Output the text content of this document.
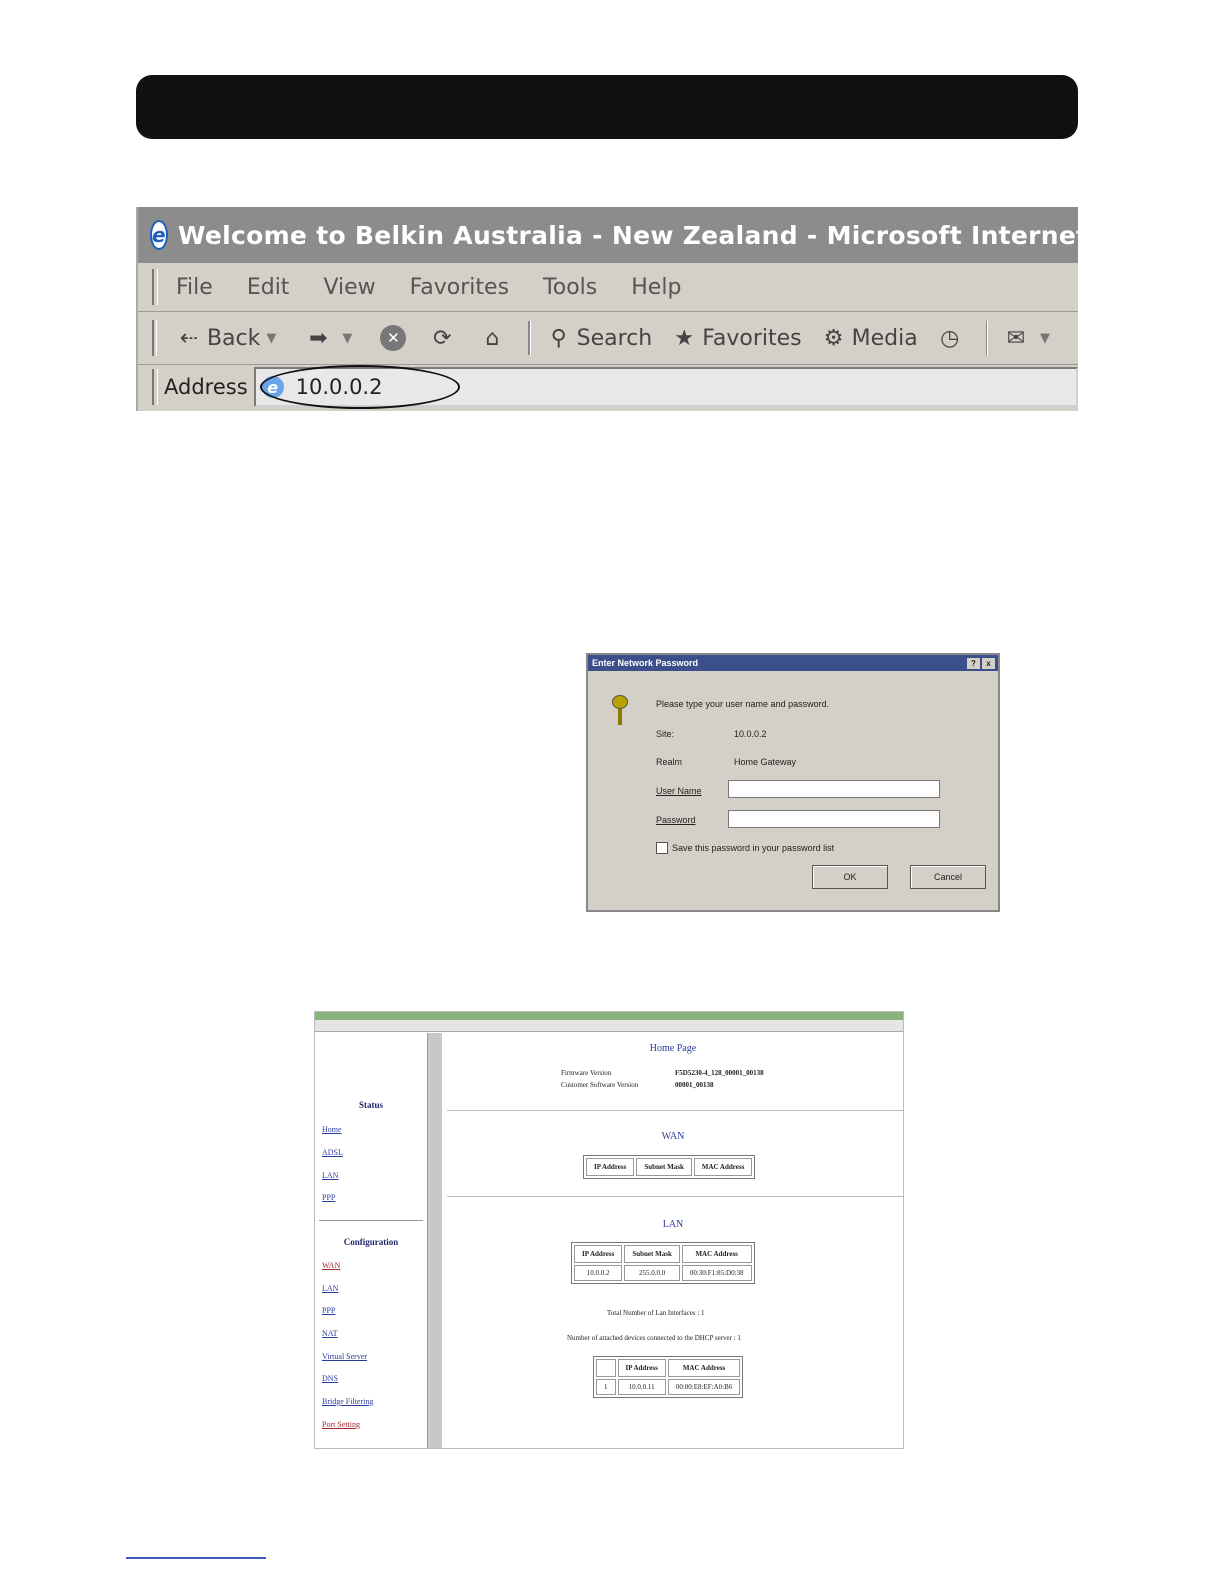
e Welcome to Belkin Australia - New Zealand - Microsoft Internet Explorer
File Edit View Favorites Tools Help
⇠ Back ▼ ➡	▼	✕	⟳	⌂	⚲ Search ★ Favorites ⚙ Media ◷ ✉	▼
Address	e 10.0.0.2
Enter Network Password	?	x
Please type your user name and password.
Site:	10.0.0.2
Realm	Home Gateway
User Name
Password
Save this password in your password list
OK	Cancel
Status
Home
ADSL
LAN
PPP
Configuration
WAN
LAN
PPP
NAT
Virtual Server
DNS
Bridge Filtering
Port Setting
Home Page
Firmware Version	F5D5230-4_128_00001_00138
Customer Software Version	00001_00138
WAN
IP Address	Subnet Mask	MAC Address
LAN
IP Address	Subnet Mask	MAC Address
10.0.0.2	255.0.0.0	00:30:F1:85:D0:38
Total Number of Lan Interfaces : 1
Number of attached devices connected to the DHCP server : 1
	IP Address	MAC Address
1	10.0.0.11	00:00:E8:EF:A0:B6
